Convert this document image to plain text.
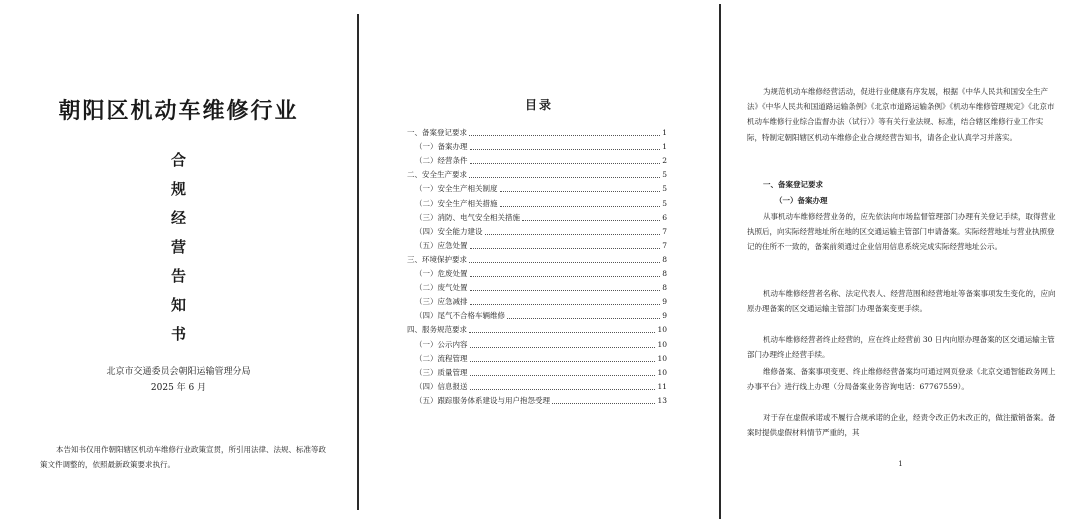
朝阳区机动车维修行业
合
规
经
营
告
知
书
北京市交通委员会朝阳运输管理分局
2025 年 6 月

本告知书仅用作朝阳辖区机动车维修行业政策宣贯，所引用法律、法规、标准等政策文件调整的，依照最新政策要求执行。

目录
一、备案登记要求	1
（一）备案办理	1
（二）经营条件	2
二、安全生产要求	5
（一）安全生产相关制度	5
（二）安全生产相关措施	5
（三）消防、电气安全相关措施	6
（四）安全能力建设	7
（五）应急处置	7
三、环境保护要求	8
（一）危废处置	8
（二）废气处置	8
（三）应急减排	9
（四）尾气不合格车辆维修	9
四、服务规范要求	10
（一）公示内容	10
（二）流程管理	10
（三）质量管理	10
（四）信息报送	11
（五）跟踪服务体系建设与用户抱怨受理	13

为规范机动车维修经营活动，促进行业健康有序发展，根据《中华人民共和国安全生产法》《中华人民共和国道路运输条例》《北京市道路运输条例》《机动车维修管理规定》《北京市机动车维修行业综合监督办法（试行）》等有关行业法规、标准，结合辖区维修行业工作实际，特制定朝阳辖区机动车维修企业合规经营告知书，请各企业认真学习并落实。

一、备案登记要求

（一）备案办理

从事机动车维修经营业务的，应先依法向市场监督管理部门办理有关登记手续，取得营业执照后，向实际经营地址所在地的区交通运输主管部门申请备案。实际经营地址与营业执照登记的住所不一致的，备案前须通过企业信用信息系统完成实际经营地址公示。

机动车维修经营者名称、法定代表人、经营范围和经营地址等备案事项发生变化的，应向原办理备案的区交通运输主管部门办理备案变更手续。

机动车维修经营者终止经营的，应在终止经营前 30 日内向原办理备案的区交通运输主管部门办理终止经营手续。

维修备案、备案事项变更、终止维修经营备案均可通过网页登录《北京交通智能政务网上办事平台》进行线上办理（分局备案业务咨询电话：67767559）。

对于存在虚假承诺或不履行合规承诺的企业，经责令改正仍未改正的，做注撤销备案。备案时提供虚假材料情节严重的，其

1
